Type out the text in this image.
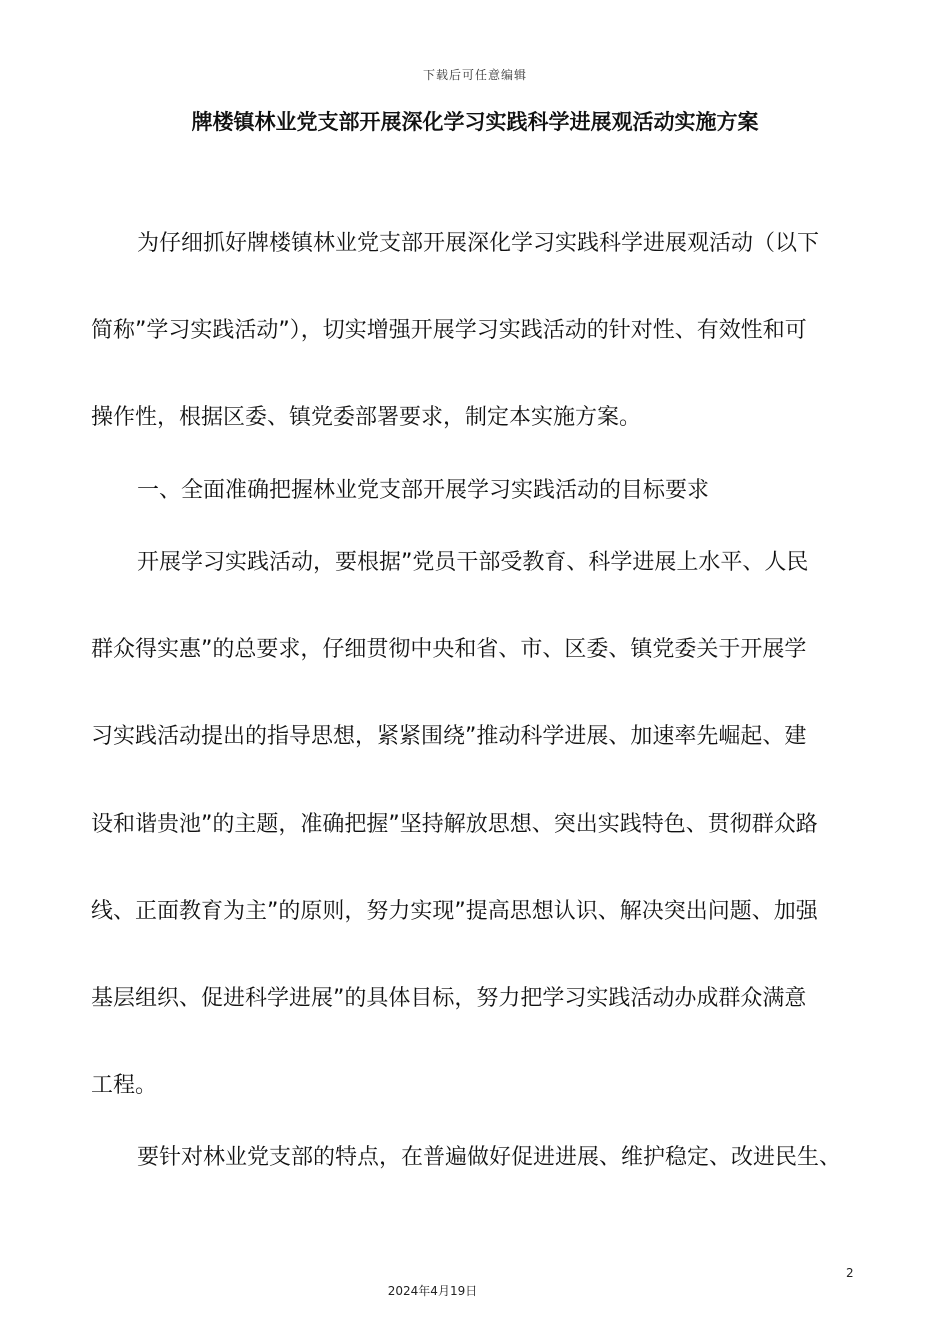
下载后可任意编辑
牌楼镇林业党支部开展深化学习实践科学进展观活动实施方案
为仔细抓好牌楼镇林业党支部开展深化学习实践科学进展观活动（以下
简称”学习实践活动”），切实增强开展学习实践活动的针对性、有效性和可
操作性，根据区委、镇党委部署要求，制定本实施方案。
一、全面准确把握林业党支部开展学习实践活动的目标要求
开展学习实践活动，要根据”党员干部受教育、科学进展上水平、人民
群众得实惠”的总要求，仔细贯彻中央和省、市、区委、镇党委关于开展学
习实践活动提出的指导思想，紧紧围绕”推动科学进展、加速率先崛起、建
设和谐贵池”的主题，准确把握”坚持解放思想、突出实践特色、贯彻群众路
线、正面教育为主”的原则，努力实现”提高思想认识、解决突出问题、加强
基层组织、促进科学进展”的具体目标，努力把学习实践活动办成群众满意
工程。
要针对林业党支部的特点，在普遍做好促进进展、维护稳定、改进民生、
2
2024年4月19日
